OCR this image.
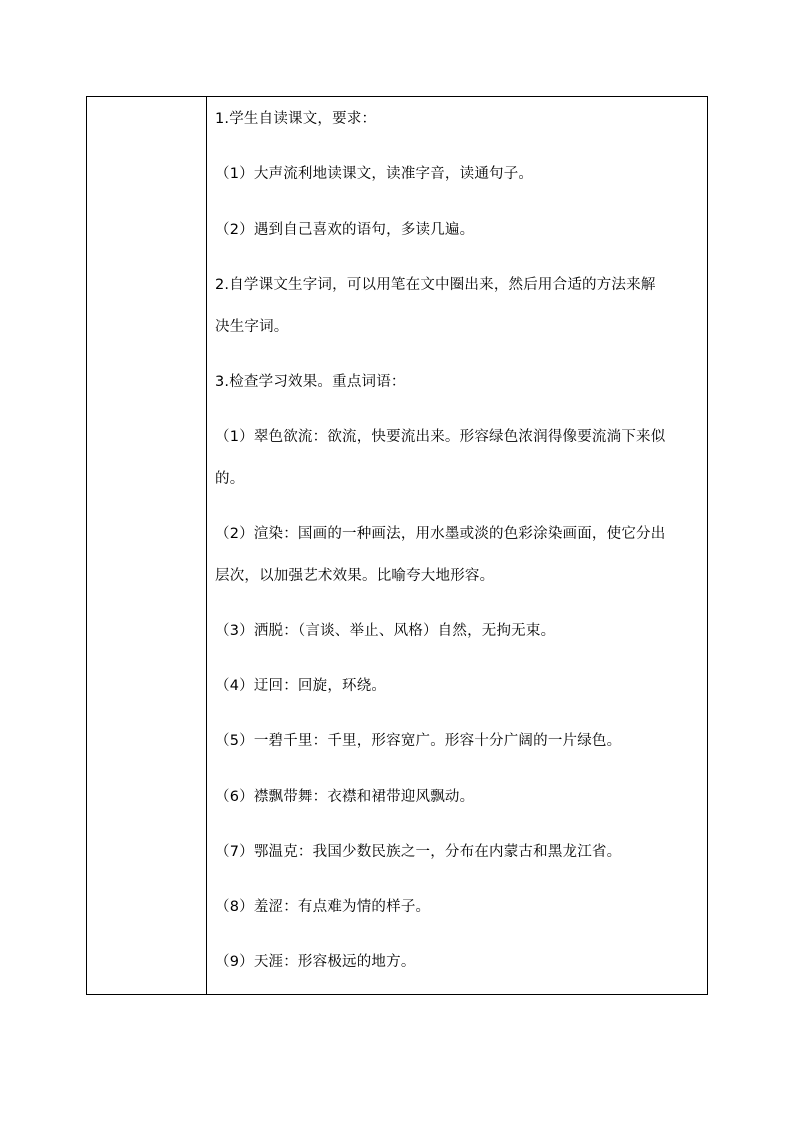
1.学生自读课文，要求：
（1）大声流利地读课文，读准字音，读通句子。
（2）遇到自己喜欢的语句，多读几遍。
2.自学课文生字词，可以用笔在文中圈出来，然后用合适的方法来解
决生字词。
3.检查学习效果。重点词语：
（1）翠色欲流：欲流，快要流出来。形容绿色浓润得像要流淌下来似
的。
（2）渲染：国画的一种画法，用水墨或淡的色彩涂染画面，使它分出
层次，以加强艺术效果。比喻夸大地形容。
（3）洒脱：（言谈、举止、风格）自然，无拘无束。
（4）迂回：回旋，环绕。
（5）一碧千里：千里，形容宽广。形容十分广阔的一片绿色。
（6）襟飘带舞：衣襟和裙带迎风飘动。
（7）鄂温克：我国少数民族之一，分布在内蒙古和黑龙江省。
（8）羞涩：有点难为情的样子。
（9）天涯：形容极远的地方。
